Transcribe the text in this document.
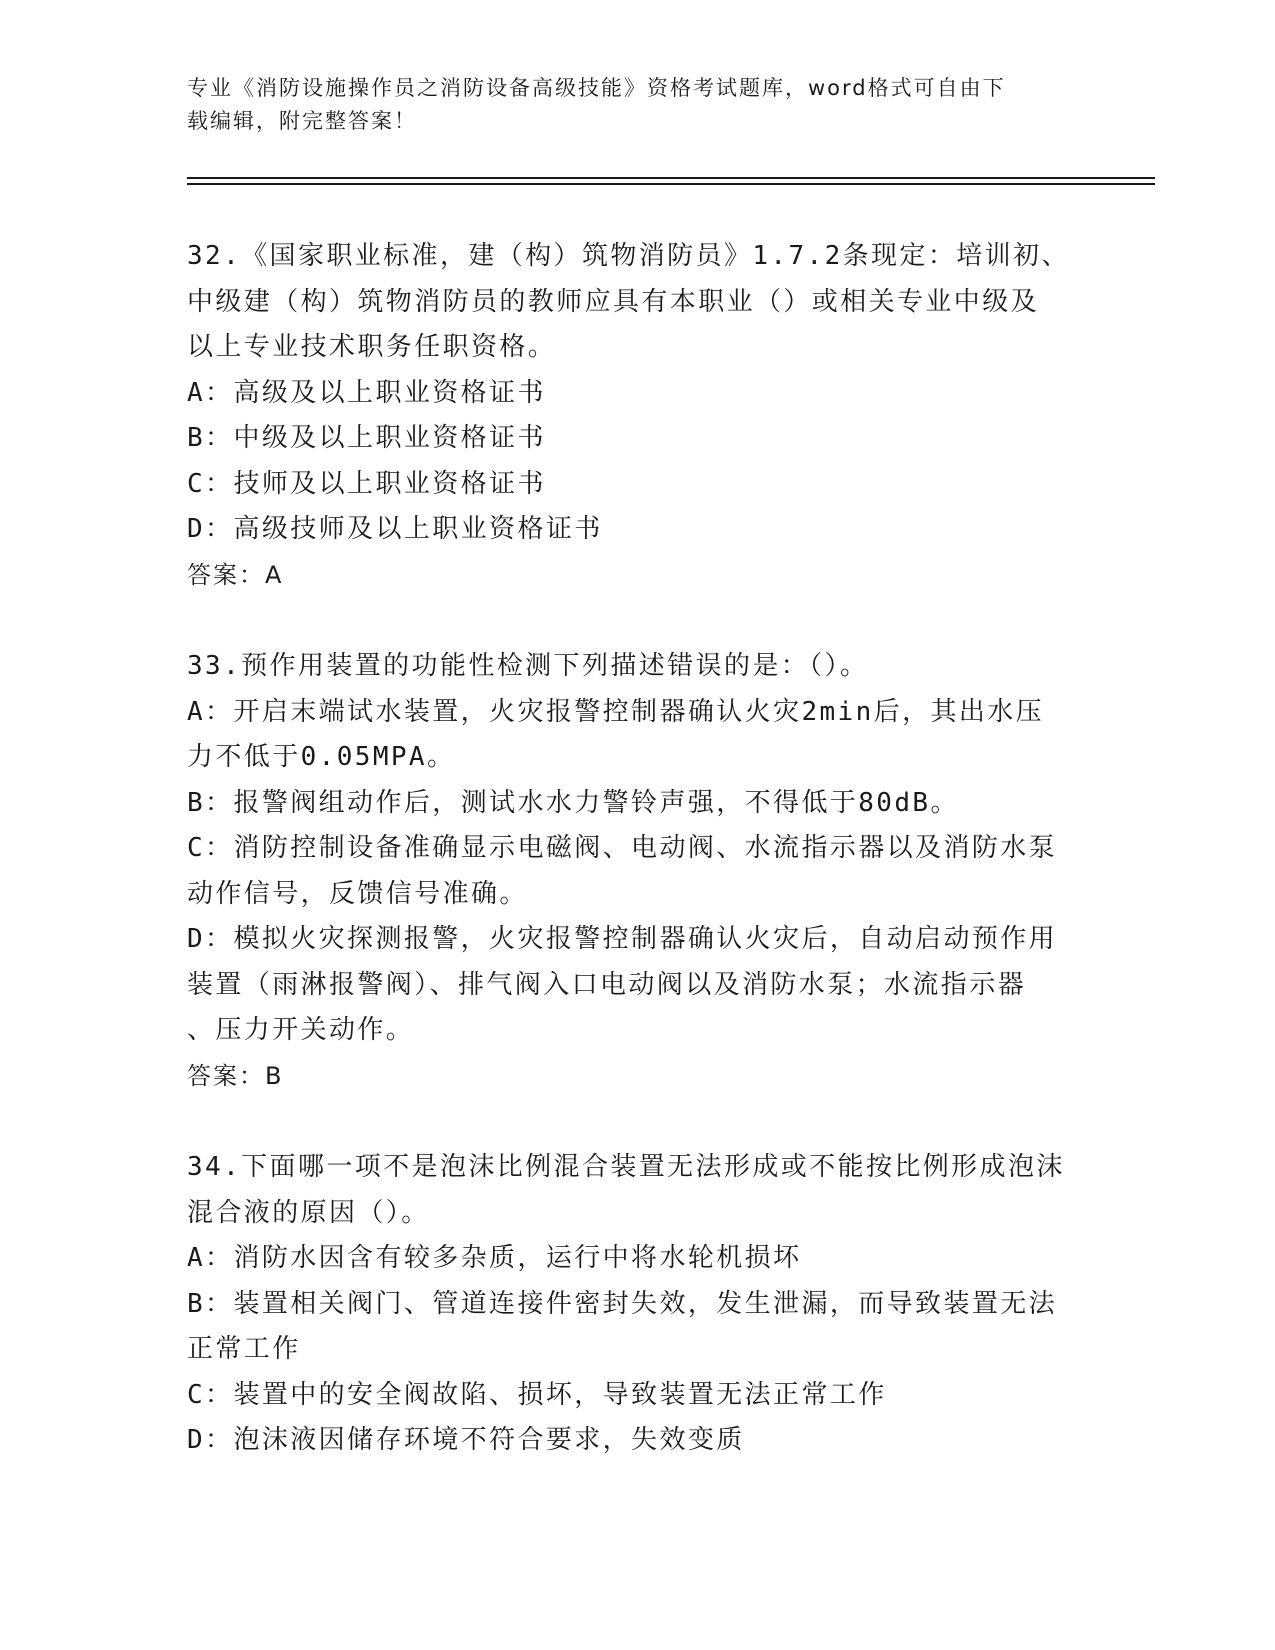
专业《消防设施操作员之消防设备高级技能》资格考试题库，word格式可自由下
载编辑，附完整答案！
32.《国家职业标准，建（构）筑物消防员》1.7.2条现定：培训初、
中级建（构）筑物消防员的教师应具有本职业（）或相关专业中级及
以上专业技术职务任职资格。
A：高级及以上职业资格证书
B：中级及以上职业资格证书
C：技师及以上职业资格证书
D：高级技师及以上职业资格证书
答案：A
33.预作用装置的功能性检测下列描述错误的是：（）。
A：开启末端试水装置，火灾报警控制器确认火灾2min后，其出水压
力不低于0.05MPA。
B：报警阀组动作后，测试水水力警铃声强，不得低于80dB。
C：消防控制设备准确显示电磁阀、电动阀、水流指示器以及消防水泵
动作信号，反馈信号准确。
D：模拟火灾探测报警，火灾报警控制器确认火灾后，自动启动预作用
装置（雨淋报警阀）、排气阀入口电动阀以及消防水泵；水流指示器
、压力开关动作。
答案：B
34.下面哪一项不是泡沫比例混合装置无法形成或不能按比例形成泡沫
混合液的原因（）。
A：消防水因含有较多杂质，运行中将水轮机损坏
B：装置相关阀门、管道连接件密封失效，发生泄漏，而导致装置无法
正常工作
C：装置中的安全阀故陷、损坏，导致装置无法正常工作
D：泡沫液因储存环境不符合要求，失效变质
